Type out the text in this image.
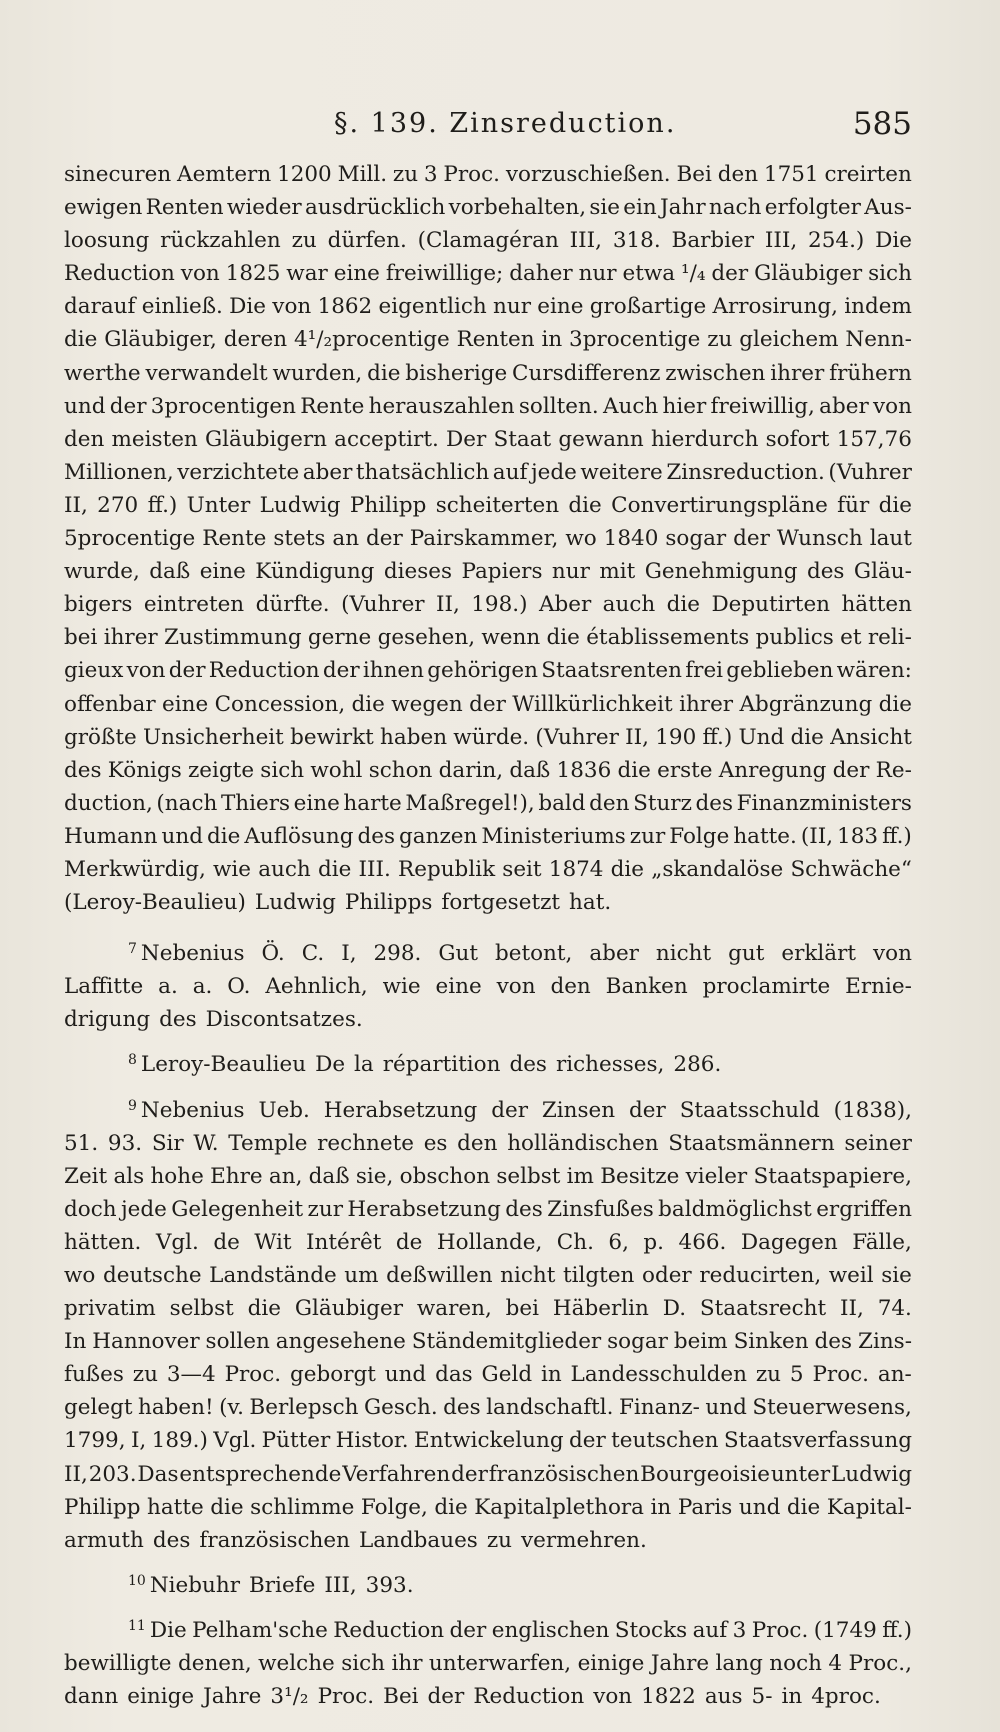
§. 139. Zinsreduction.	585
sinecuren Aemtern 1200 Mill. zu 3 Proc. vorzuschießen. Bei den 1751 creirten
ewigen Renten wieder ausdrücklich vorbehalten, sie ein Jahr nach erfolgter Aus-
loosung rückzahlen zu dürfen. (Clamagéran III, 318. Barbier III, 254.) Die
Reduction von 1825 war eine freiwillige; daher nur etwa ¹/₄ der Gläubiger sich
darauf einließ. Die von 1862 eigentlich nur eine großartige Arrosirung, indem
die Gläubiger, deren 4¹/₂procentige Renten in 3procentige zu gleichem Nenn-
werthe verwandelt wurden, die bisherige Cursdifferenz zwischen ihrer frühern
und der 3procentigen Rente herauszahlen sollten. Auch hier freiwillig, aber von
den meisten Gläubigern acceptirt. Der Staat gewann hierdurch sofort 157,76
Millionen, verzichtete aber thatsächlich auf jede weitere Zinsreduction. (Vuhrer
II, 270 ff.) Unter Ludwig Philipp scheiterten die Convertirungspläne für die
5procentige Rente stets an der Pairskammer, wo 1840 sogar der Wunsch laut
wurde, daß eine Kündigung dieses Papiers nur mit Genehmigung des Gläu-
bigers eintreten dürfte. (Vuhrer II, 198.) Aber auch die Deputirten hätten
bei ihrer Zustimmung gerne gesehen, wenn die établissements publics et reli-
gieux von der Reduction der ihnen gehörigen Staatsrenten frei geblieben wären:
offenbar eine Concession, die wegen der Willkürlichkeit ihrer Abgränzung die
größte Unsicherheit bewirkt haben würde. (Vuhrer II, 190 ff.) Und die Ansicht
des Königs zeigte sich wohl schon darin, daß 1836 die erste Anregung der Re-
duction, (nach Thiers eine harte Maßregel!), bald den Sturz des Finanzministers
Humann und die Auflösung des ganzen Ministeriums zur Folge hatte. (II, 183 ff.)
Merkwürdig, wie auch die III. Republik seit 1874 die „skandalöse Schwäche“
(Leroy-Beaulieu) Ludwig Philipps fortgesetzt hat.
$^7$ Nebenius Ö. C. I, 298. Gut betont, aber nicht gut erklärt von
Laffitte a. a. O. Aehnlich, wie eine von den Banken proclamirte Ernie-
drigung des Discontsatzes.
$^8$ Leroy-Beaulieu De la répartition des richesses, 286.
$^9$ Nebenius Ueb. Herabsetzung der Zinsen der Staatsschuld (1838),
51. 93. Sir W. Temple rechnete es den holländischen Staatsmännern seiner
Zeit als hohe Ehre an, daß sie, obschon selbst im Besitze vieler Staatspapiere,
doch jede Gelegenheit zur Herabsetzung des Zinsfußes baldmöglichst ergriffen
hätten. Vgl. de Wit Intérêt de Hollande, Ch. 6, p. 466. Dagegen Fälle,
wo deutsche Landstände um deßwillen nicht tilgten oder reducirten, weil sie
privatim selbst die Gläubiger waren, bei Häberlin D. Staatsrecht II, 74.
In Hannover sollen angesehene Ständemitglieder sogar beim Sinken des Zins-
fußes zu 3—4 Proc. geborgt und das Geld in Landesschulden zu 5 Proc. an-
gelegt haben! (v. Berlepsch Gesch. des landschaftl. Finanz- und Steuerwesens,
1799, I, 189.) Vgl. Pütter Histor. Entwickelung der teutschen Staatsverfassung
II, 203. Das entsprechende Verfahren der französischen Bourgeoisie unter Ludwig
Philipp hatte die schlimme Folge, die Kapitalplethora in Paris und die Kapital-
armuth des französischen Landbaues zu vermehren.
$^{10}$ Niebuhr Briefe III, 393.
$^{11}$ Die Pelham'sche Reduction der englischen Stocks auf 3 Proc. (1749 ff.)
bewilligte denen, welche sich ihr unterwarfen, einige Jahre lang noch 4 Proc.,
dann einige Jahre 3¹/₂ Proc. Bei der Reduction von 1822 aus 5- in 4proc.
